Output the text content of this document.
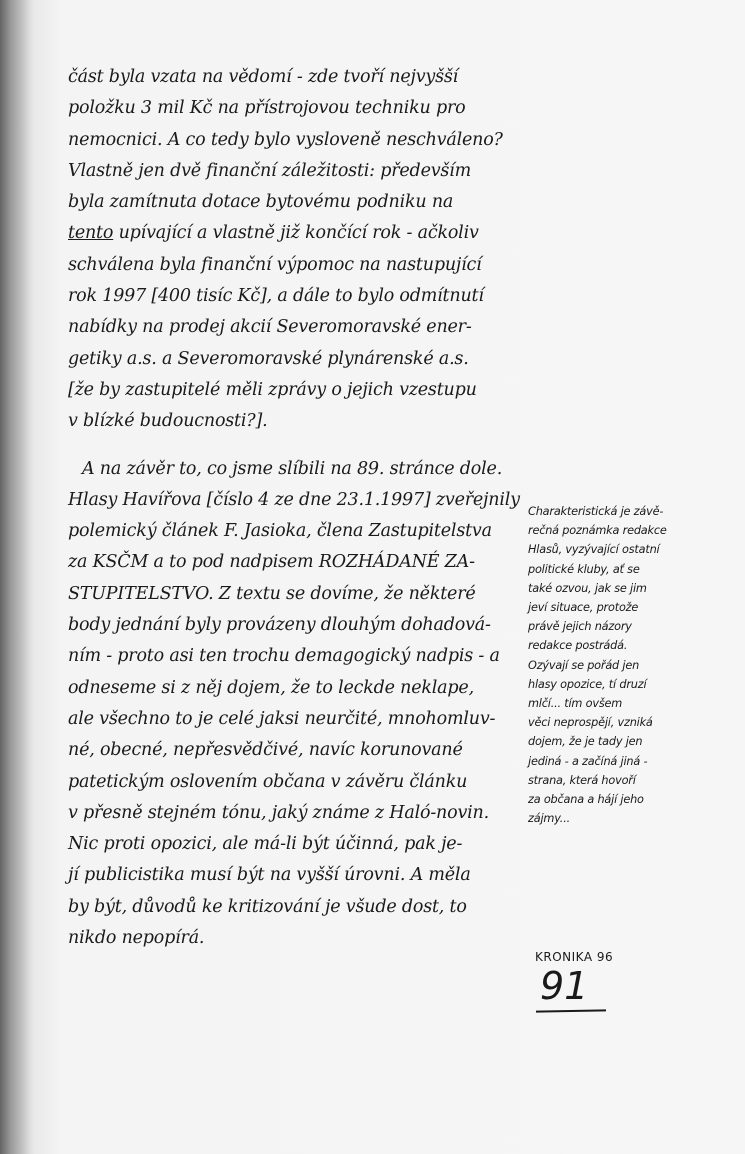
část byla vzata na vědomí - zde tvoří nejvyšší
položku 3 mil Kč na přístrojovou techniku pro
nemocnici. A co tedy bylo vysloveně neschváleno?
Vlastně jen dvě finanční záležitosti: především
byla zamítnuta dotace bytovému podniku na
tento upívající a vlastně již končící rok - ačkoliv
schválena byla finanční výpomoc na nastupující
rok 1997 [400 tisíc Kč], a dále to bylo odmítnutí
nabídky na prodej akcií Severomoravské ener-
getiky a.s. a Severomoravské plynárenské a.s.
[že by zastupitelé měli zprávy o jejich vzestupu
v blízké budoucnosti?].
A na závěr to, co jsme slíbili na 89. stránce dole.
Hlasy Havířova [číslo 4 ze dne 23.1.1997] zveřejnily
polemický článek F. Jasioka, člena Zastupitelstva
za KSČM a to pod nadpisem ROZHÁDANÉ ZA-
STUPITELSTVO. Z textu se dovíme, že některé
body jednání byly provázeny dlouhým dohadová-
ním - proto asi ten trochu demagogický nadpis - a
odneseme si z něj dojem, že to leckde neklape,
ale všechno to je celé jaksi neurčité, mnohomluv-
né, obecné, nepřesvědčivé, navíc korunované
patetickým oslovením občana v závěru článku
v přesně stejném tónu, jaký známe z Haló-novin.
Nic proti opozici, ale má-li být účinná, pak je-
jí publicistika musí být na vyšší úrovni. A měla
by být, důvodů ke kritizování je všude dost, to
nikdo nepopírá.
Charakteristická je závě-
rečná poznámka redakce
Hlasů, vyzývající ostatní
politické kluby, ať se
také ozvou, jak se jim
jeví situace, protože
právě jejich názory
redakce postrádá.
Ozývají se pořád jen
hlasy opozice, tí druzí
mlčí... tím ovšem
věci neprospějí, vzniká
dojem, že je tady jen
jediná - a začíná jiná -
strana, která hovoří
za občana a hájí jeho
zájmy...
KRONIKA 96
91
